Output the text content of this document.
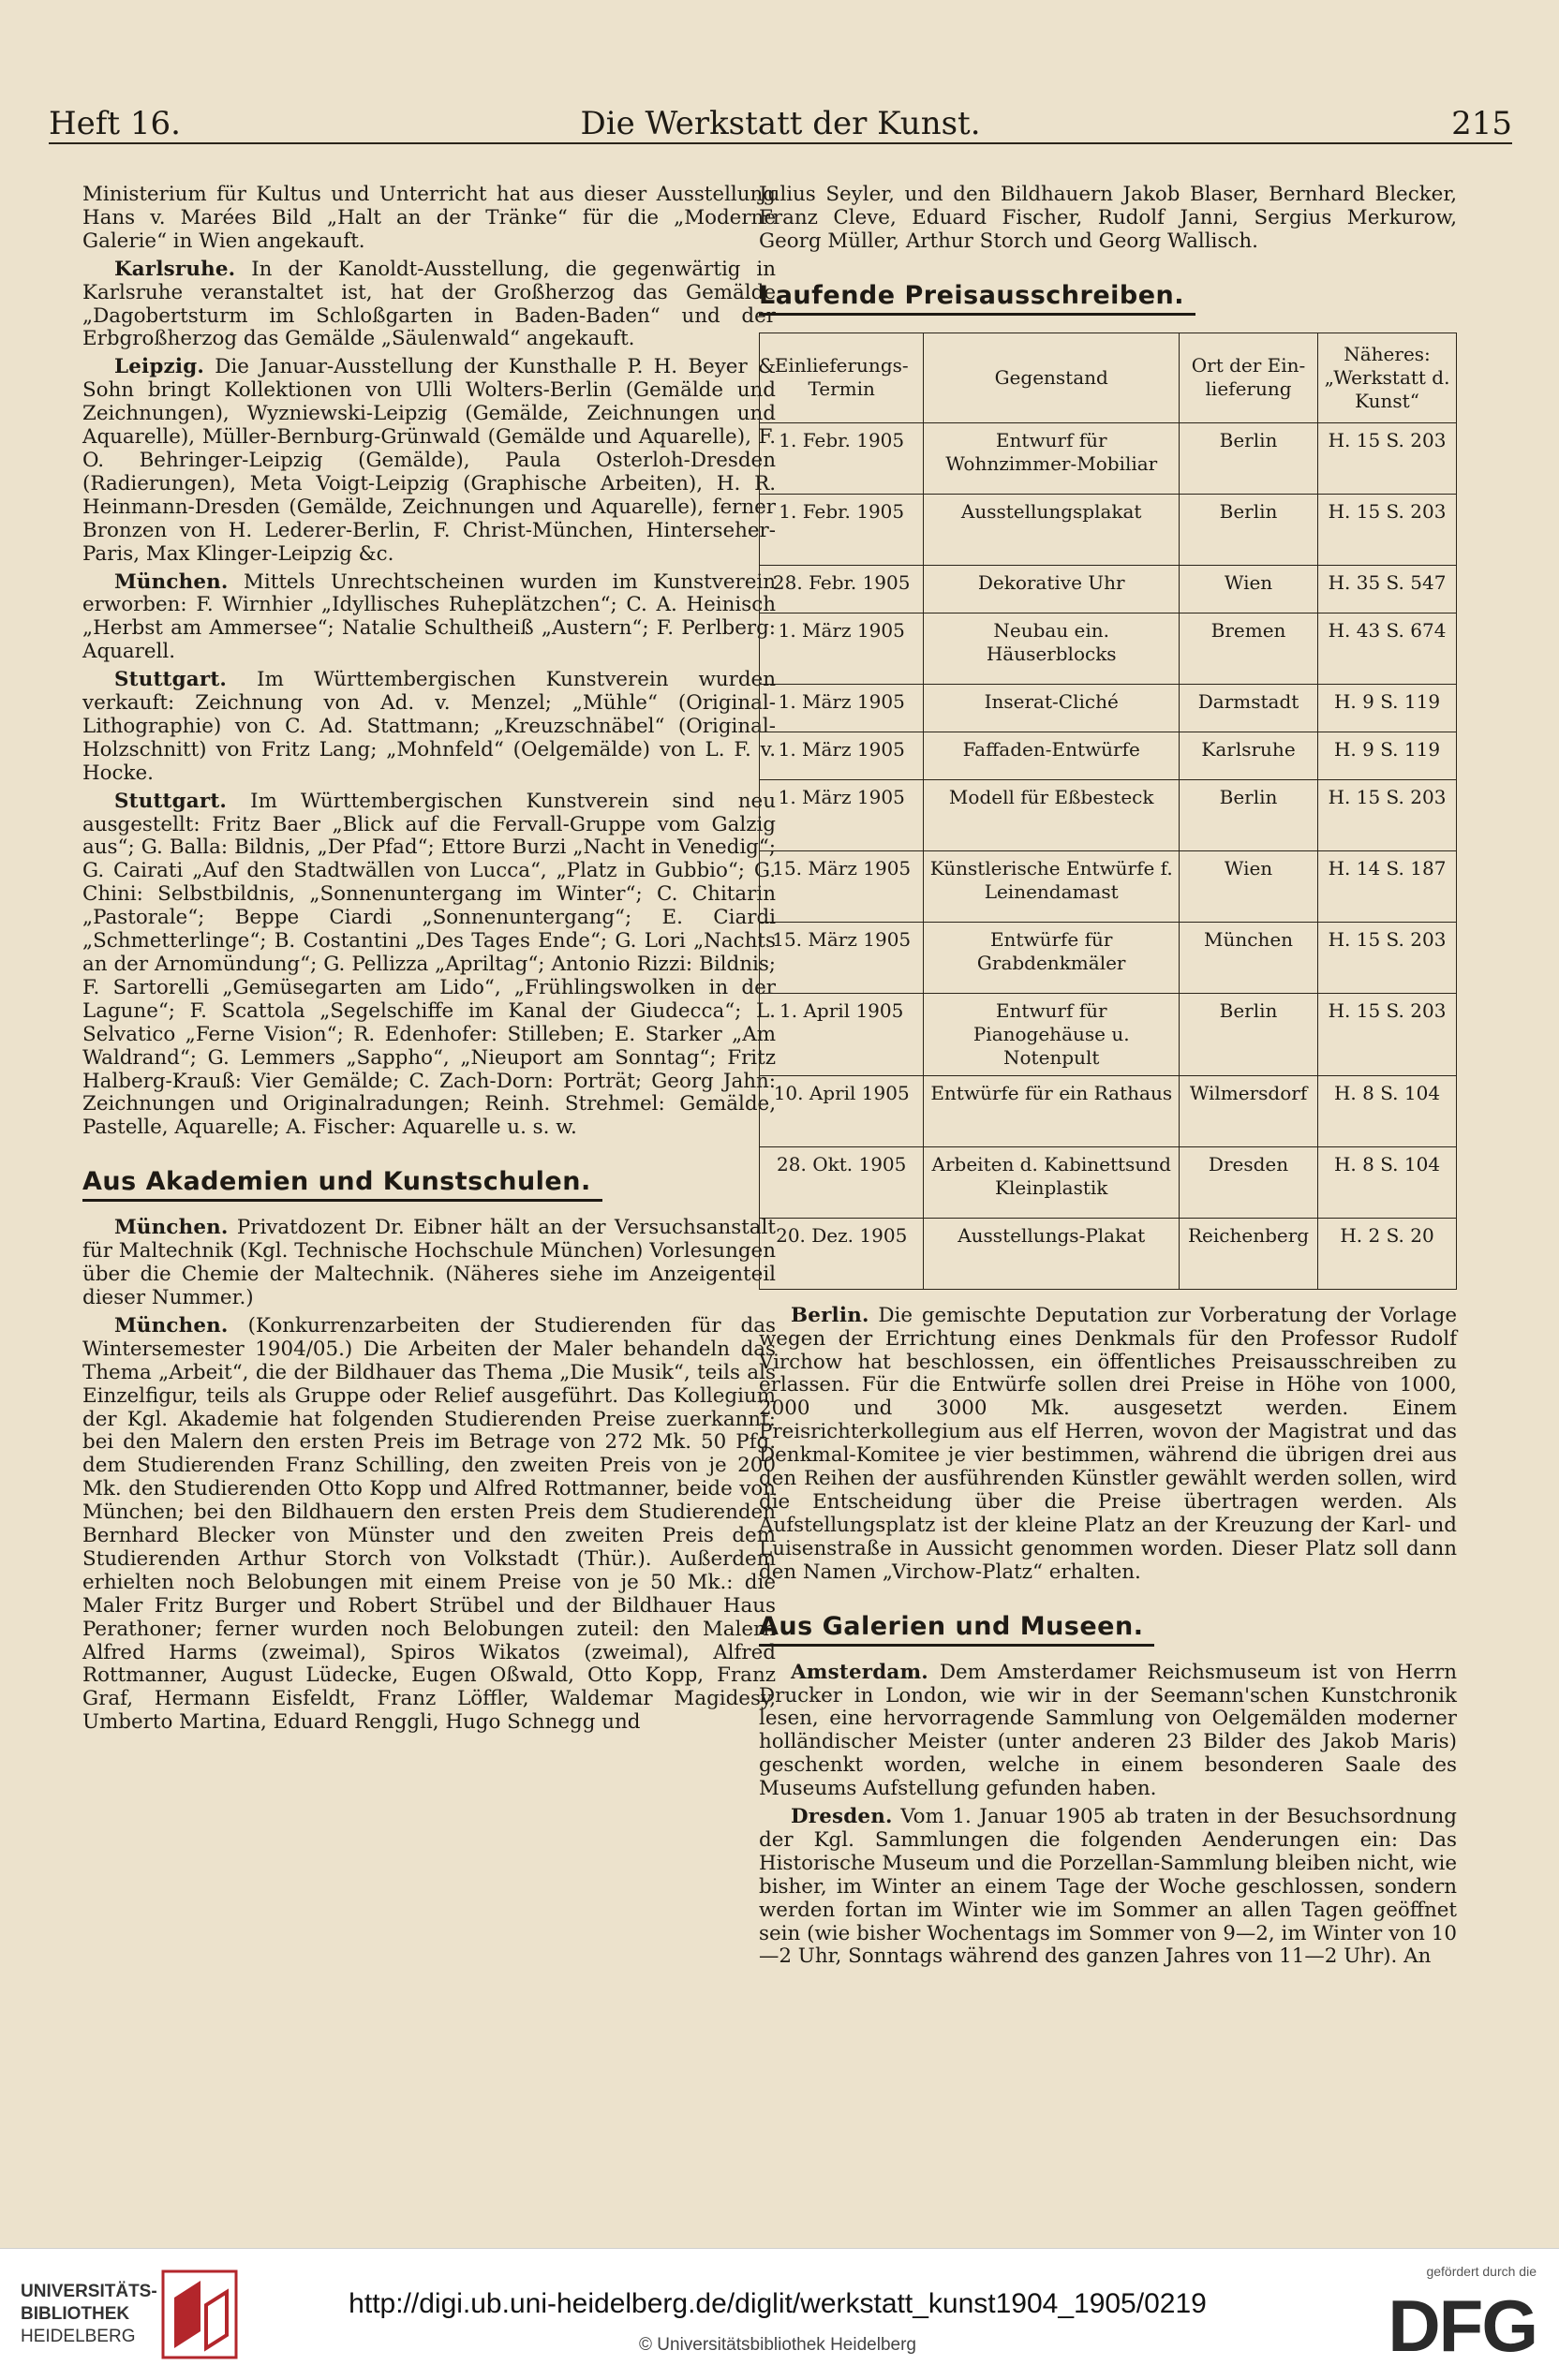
Heft 16.	Die Werkstatt der Kunst.	215

Ministerium für Kultus und Unterricht hat aus dieser Ausstellung Hans v. Marées Bild „Halt an der Tränke“ für die „Moderne Galerie“ in Wien angekauft.

Karlsruhe. In der Kanoldt-Ausstellung, die gegenwärtig in Karlsruhe veranstaltet ist, hat der Großherzog das Gemälde „Dagobertsturm im Schloßgarten in Baden-Baden“ und der Erbgroßherzog das Gemälde „Säulenwald“ angekauft.

Leipzig. Die Januar-Ausstellung der Kunsthalle P. H. Beyer & Sohn bringt Kollektionen von Ulli Wolters-Berlin (Gemälde und Zeichnungen), Wyzniewski-Leipzig (Gemälde, Zeichnungen und Aquarelle), Müller-Bernburg-Grünwald (Gemälde und Aquarelle), F. O. Behringer-Leipzig (Gemälde), Paula Osterloh-Dresden (Radierungen), Meta Voigt-Leipzig (Graphische Arbeiten), H. R. Heinmann-Dresden (Gemälde, Zeichnungen und Aquarelle), ferner Bronzen von H. Lederer-Berlin, F. Christ-München, Hinterseher-Paris, Max Klinger-Leipzig &c.

München. Mittels Unrechtscheinen wurden im Kunstverein erworben: F. Wirnhier „Idyllisches Ruheplätzchen“; C. A. Heinisch „Herbst am Ammersee“; Natalie Schultheiß „Austern“; F. Perlberg: Aquarell.

Stuttgart. Im Württembergischen Kunstverein wurden verkauft: Zeichnung von Ad. v. Menzel; „Mühle“ (Original-Lithographie) von C. Ad. Stattmann; „Kreuzschnäbel“ (Original-Holzschnitt) von Fritz Lang; „Mohnfeld“ (Oelgemälde) von L. F. v. Hocke.

Stuttgart. Im Württembergischen Kunstverein sind neu ausgestellt: Fritz Baer „Blick auf die Fervall-Gruppe vom Galzig aus“; G. Balla: Bildnis, „Der Pfad“; Ettore Burzi „Nacht in Venedig“; G. Cairati „Auf den Stadtwällen von Lucca“, „Platz in Gubbio“; G. Chini: Selbstbildnis, „Sonnenuntergang im Winter“; C. Chitarin „Pastorale“; Beppe Ciardi „Sonnenuntergang“; E. Ciardi „Schmetterlinge“; B. Costantini „Des Tages Ende“; G. Lori „Nachts an der Arnomündung“; G. Pellizza „Apriltag“; Antonio Rizzi: Bildnis; F. Sartorelli „Gemüsegarten am Lido“, „Frühlingswolken in der Lagune“; F. Scattola „Segelschiffe im Kanal der Giudecca“; L. Selvatico „Ferne Vision“; R. Edenhofer: Stilleben; E. Starker „Am Waldrand“; G. Lemmers „Sappho“, „Nieuport am Sonntag“; Fritz Halberg-Krauß: Vier Gemälde; C. Zach-Dorn: Porträt; Georg Jahn: Zeichnungen und Originalradungen; Reinh. Strehmel: Gemälde, Pastelle, Aquarelle; A. Fischer: Aquarelle u. s. w.

Aus Akademien und Kunstschulen.

München. Privatdozent Dr. Eibner hält an der Versuchsanstalt für Maltechnik (Kgl. Technische Hochschule München) Vorlesungen über die Chemie der Maltechnik. (Näheres siehe im Anzeigenteil dieser Nummer.)

München. (Konkurrenzarbeiten der Studierenden für das Wintersemester 1904/05.) Die Arbeiten der Maler behandeln das Thema „Arbeit“, die der Bildhauer das Thema „Die Musik“, teils als Einzelfigur, teils als Gruppe oder Relief ausgeführt. Das Kollegium der Kgl. Akademie hat folgenden Studierenden Preise zuerkannt: bei den Malern den ersten Preis im Betrage von 272 Mk. 50 Pfg. dem Studierenden Franz Schilling, den zweiten Preis von je 200 Mk. den Studierenden Otto Kopp und Alfred Rottmanner, beide von München; bei den Bildhauern den ersten Preis dem Studierenden Bernhard Blecker von Münster und den zweiten Preis dem Studierenden Arthur Storch von Volkstadt (Thür.). Außerdem erhielten noch Belobungen mit einem Preise von je 50 Mk.: die Maler Fritz Burger und Robert Strübel und der Bildhauer Haus Perathoner; ferner wurden noch Belobungen zuteil: den Malern Alfred Harms (zweimal), Spiros Wikatos (zweimal), Alfred Rottmanner, August Lüdecke, Eugen Oßwald, Otto Kopp, Franz Graf, Hermann Eisfeldt, Franz Löffler, Waldemar Magidesy, Umberto Martina, Eduard Renggli, Hugo Schnegg und

Julius Seyler, und den Bildhauern Jakob Blaser, Bernhard Blecker, Franz Cleve, Eduard Fischer, Rudolf Janni, Sergius Merkurow, Georg Müller, Arthur Storch und Georg Wallisch.

Laufende Preisausschreiben.
Einlieferungs-Termin	Gegenstand	Ort der Ein-lieferung	Näheres: „Werkstatt d. Kunst“
1. Febr. 1905	Entwurf für Wohnzimmer-Mobiliar	Berlin	H. 15 S. 203
1. Febr. 1905	Ausstellungsplakat	Berlin	H. 15 S. 203
28. Febr. 1905	Dekorative Uhr	Wien	H. 35 S. 547
1. März 1905	Neubau ein. Häuserblocks	Bremen	H. 43 S. 674
1. März 1905	Inserat-Cliché	Darmstadt	H. 9 S. 119
1. März 1905	Faffaden-Entwürfe	Karlsruhe	H. 9 S. 119
1. März 1905	Modell für Eßbesteck	Berlin	H. 15 S. 203
15. März 1905	Künstlerische Entwürfe f. Leinendamast	Wien	H. 14 S. 187
15. März 1905	Entwürfe für Grabdenkmäler	München	H. 15 S. 203
1. April 1905	Entwurf für Pianogehäuse u. Notenpult	Berlin	H. 15 S. 203
10. April 1905	Entwürfe für ein Rathaus	Wilmersdorf	H. 8 S. 104
28. Okt. 1905	Arbeiten d. Kabinettsund Kleinplastik	Dresden	H. 8 S. 104
20. Dez. 1905	Ausstellungs-Plakat	Reichenberg	H. 2 S. 20

Berlin. Die gemischte Deputation zur Vorberatung der Vorlage wegen der Errichtung eines Denkmals für den Professor Rudolf Virchow hat beschlossen, ein öffentliches Preisausschreiben zu erlassen. Für die Entwürfe sollen drei Preise in Höhe von 1000, 2000 und 3000 Mk. ausgesetzt werden. Einem Preisrichterkollegium aus elf Herren, wovon der Magistrat und das Denkmal-Komitee je vier bestimmen, während die übrigen drei aus den Reihen der ausführenden Künstler gewählt werden sollen, wird die Entscheidung über die Preise übertragen werden. Als Aufstellungsplatz ist der kleine Platz an der Kreuzung der Karl- und Luisenstraße in Aussicht genommen worden. Dieser Platz soll dann den Namen „Virchow-Platz“ erhalten.

Aus Galerien und Museen.

Amsterdam. Dem Amsterdamer Reichsmuseum ist von Herrn Drucker in London, wie wir in der Seemann'schen Kunstchronik lesen, eine hervorragende Sammlung von Oelgemälden moderner holländischer Meister (unter anderen 23 Bilder des Jakob Maris) geschenkt worden, welche in einem besonderen Saale des Museums Aufstellung gefunden haben.

Dresden. Vom 1. Januar 1905 ab traten in der Besuchsordnung der Kgl. Sammlungen die folgenden Aenderungen ein: Das Historische Museum und die Porzellan-Sammlung bleiben nicht, wie bisher, im Winter an einem Tage der Woche geschlossen, sondern werden fortan im Winter wie im Sommer an allen Tagen geöffnet sein (wie bisher Wochentags im Sommer von 9—2, im Winter von 10—2 Uhr, Sonntags während des ganzen Jahres von 11—2 Uhr). An

UNIVERSITÄTS-
BIBLIOTHEK
HEIDELBERG
http://digi.ub.uni-heidelberg.de/diglit/werkstatt_kunst1904_1905/0219
© Universitätsbibliothek Heidelberg
gefördert durch die
DFG
